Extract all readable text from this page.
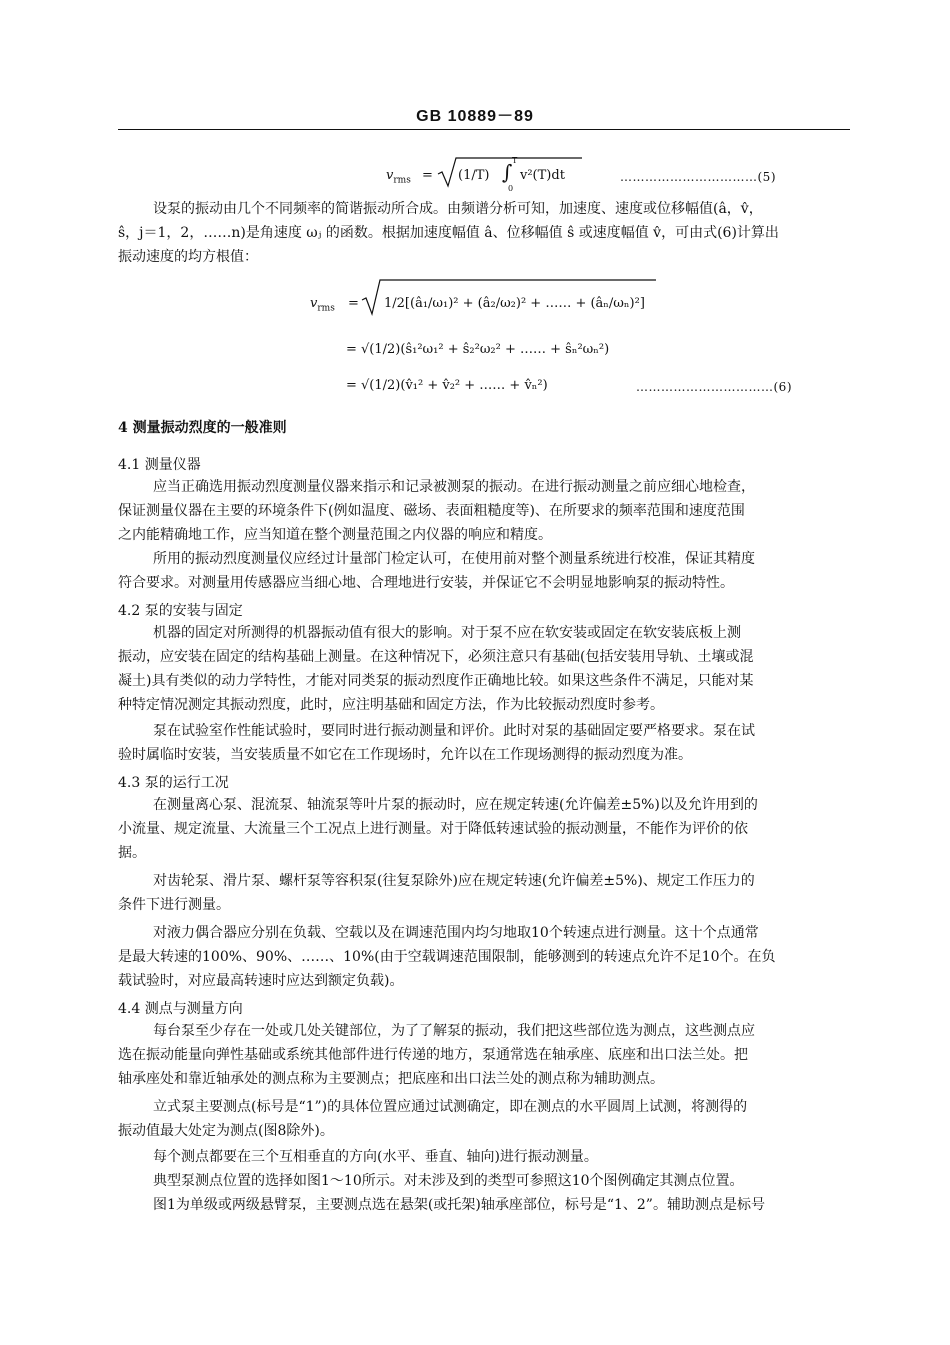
GB 10889－89
$v_{rms} = (1/T)$ ∫ T
0
v²(T)dt	……………………………(5)
设泵的振动由几个不同频率的简谐振动所合成。由频谱分析可知，加速度、速度或位移幅值(â，v̂，
ŝ，j＝1，2，……n)是角速度 ωⱼ 的函数。根据加速度幅值 â、位移幅值 ŝ 或速度幅值 v̂，可由式(6)计算出
振动速度的均方根值：
$v_{rms}$ = 1/2[(â₁/ω₁)² + (â₂/ω₂)² + …… + (âₙ/ωₙ)²]
= √(1/2)(ŝ₁²ω₁² + ŝ₂²ω₂² + …… + ŝₙ²ωₙ²)
= √(1/2)(v̂₁² + v̂₂² + …… + v̂ₙ²)	……………………………(6)
4 测量振动烈度的一般准则
4.1 测量仪器
应当正确选用振动烈度测量仪器来指示和记录被测泵的振动。在进行振动测量之前应细心地检查，
保证测量仪器在主要的环境条件下(例如温度、磁场、表面粗糙度等)、在所要求的频率范围和速度范围
之内能精确地工作，应当知道在整个测量范围之内仪器的响应和精度。
所用的振动烈度测量仪应经过计量部门检定认可，在使用前对整个测量系统进行校准，保证其精度
符合要求。对测量用传感器应当细心地、合理地进行安装，并保证它不会明显地影响泵的振动特性。
4.2 泵的安装与固定
机器的固定对所测得的机器振动值有很大的影响。对于泵不应在软安装或固定在软安装底板上测
振动，应安装在固定的结构基础上测量。在这种情况下，必须注意只有基础(包括安装用导轨、土壤或混
凝土)具有类似的动力学特性，才能对同类泵的振动烈度作正确地比较。如果这些条件不满足，只能对某
种特定情况测定其振动烈度，此时，应注明基础和固定方法，作为比较振动烈度时参考。
泵在试验室作性能试验时，要同时进行振动测量和评价。此时对泵的基础固定要严格要求。泵在试
验时属临时安装，当安装质量不如它在工作现场时，允许以在工作现场测得的振动烈度为准。
4.3 泵的运行工况
在测量离心泵、混流泵、轴流泵等叶片泵的振动时，应在规定转速(允许偏差±5%)以及允许用到的
小流量、规定流量、大流量三个工况点上进行测量。对于降低转速试验的振动测量，不能作为评价的依
据。
对齿轮泵、滑片泵、螺杆泵等容积泵(往复泵除外)应在规定转速(允许偏差±5%)、规定工作压力的
条件下进行测量。
对液力偶合器应分别在负载、空载以及在调速范围内均匀地取10个转速点进行测量。这十个点通常
是最大转速的100%、90%、……、10%(由于空载调速范围限制，能够测到的转速点允许不足10个。在负
载试验时，对应最高转速时应达到额定负载)。
4.4 测点与测量方向
每台泵至少存在一处或几处关键部位，为了了解泵的振动，我们把这些部位选为测点，这些测点应
选在振动能量向弹性基础或系统其他部件进行传递的地方，泵通常选在轴承座、底座和出口法兰处。把
轴承座处和靠近轴承处的测点称为主要测点；把底座和出口法兰处的测点称为辅助测点。
立式泵主要测点(标号是“1”)的具体位置应通过试测确定，即在测点的水平圆周上试测，将测得的
振动值最大处定为测点(图8除外)。
每个测点都要在三个互相垂直的方向(水平、垂直、轴向)进行振动测量。
典型泵测点位置的选择如图1～10所示。对未涉及到的类型可参照这10个图例确定其测点位置。
图1为单级或两级悬臂泵，主要测点选在悬架(或托架)轴承座部位，标号是“1、2”。辅助测点是标号
